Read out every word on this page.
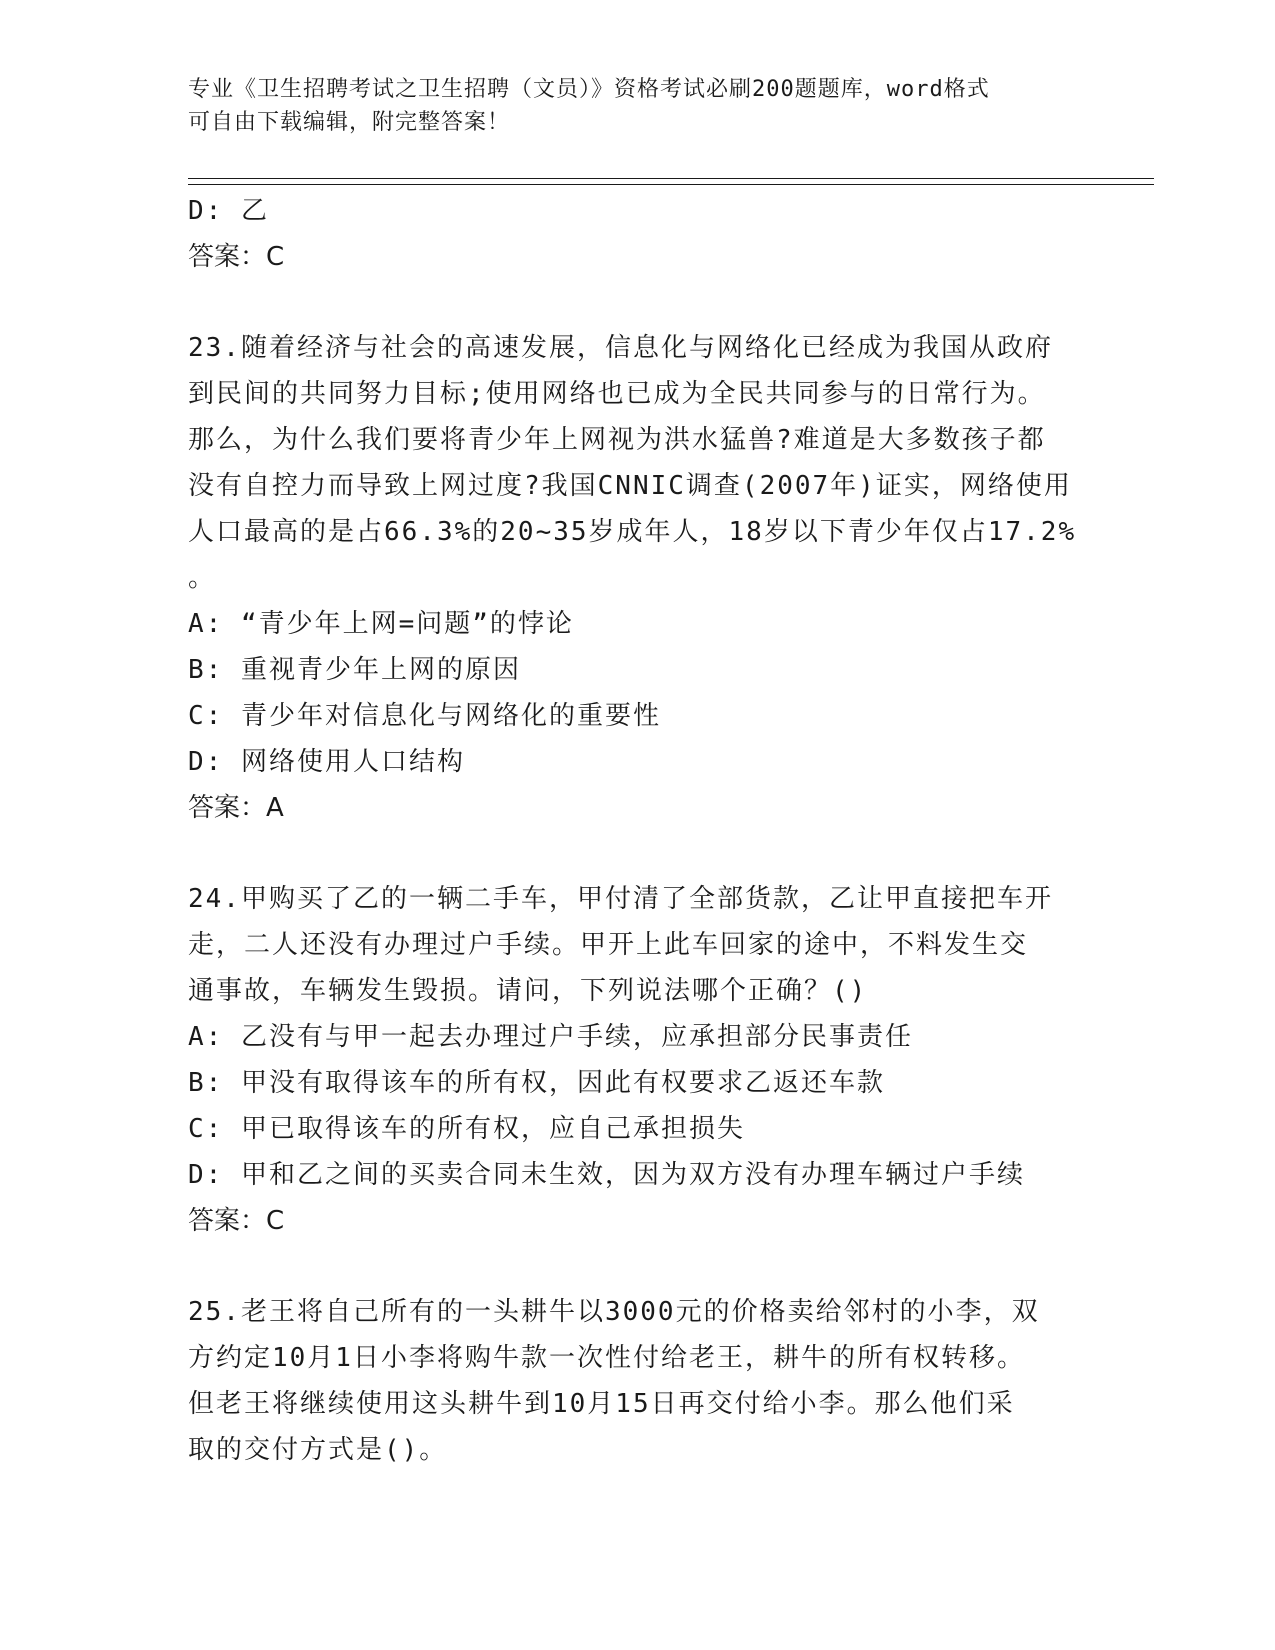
专业《卫生招聘考试之卫生招聘（文员）》资格考试必刷200题题库，word格式
可自由下载编辑，附完整答案！
D: 乙
答案：C
23.随着经济与社会的高速发展，信息化与网络化已经成为我国从政府
到民间的共同努力目标;使用网络也已成为全民共同参与的日常行为。
那么，为什么我们要将青少年上网视为洪水猛兽?难道是大多数孩子都
没有自控力而导致上网过度?我国CNNIC调查(2007年)证实，网络使用
人口最高的是占66.3%的20~35岁成年人，18岁以下青少年仅占17.2%
。
A: “青少年上网=问题”的悖论
B: 重视青少年上网的原因
C: 青少年对信息化与网络化的重要性
D: 网络使用人口结构
答案：A
24.甲购买了乙的一辆二手车，甲付清了全部货款，乙让甲直接把车开
走，二人还没有办理过户手续。甲开上此车回家的途中，不料发生交
通事故，车辆发生毁损。请问，下列说法哪个正确？()
A: 乙没有与甲一起去办理过户手续，应承担部分民事责任
B: 甲没有取得该车的所有权，因此有权要求乙返还车款
C: 甲已取得该车的所有权，应自己承担损失
D: 甲和乙之间的买卖合同未生效，因为双方没有办理车辆过户手续
答案：C
25.老王将自己所有的一头耕牛以3000元的价格卖给邻村的小李，双
方约定10月1日小李将购牛款一次性付给老王，耕牛的所有权转移。
但老王将继续使用这头耕牛到10月15日再交付给小李。那么他们采
取的交付方式是()。
